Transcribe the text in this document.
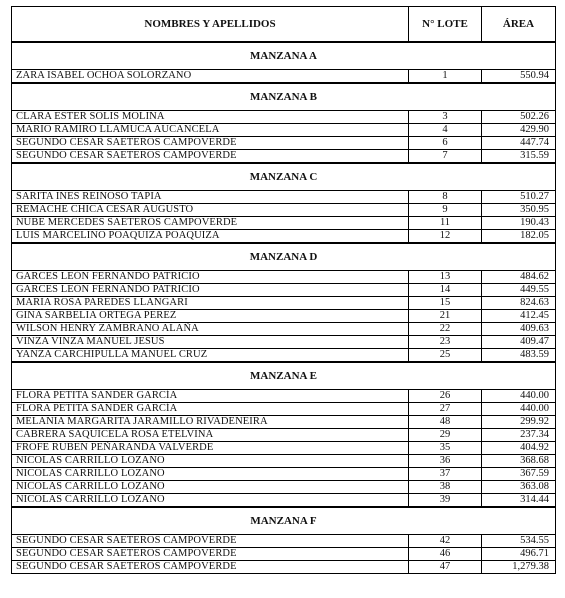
NOMBRES Y APELLIDOS	N° LOTE	ÁREA
MANZANA A		
ZARA ISABEL OCHOA SOLORZANO	1	550.94
MANZANA B		
CLARA ESTER SOLIS MOLINA	3	502.26
MARIO RAMIRO LLAMUCA AUCANCELA	4	429.90
SEGUNDO CESAR SAETEROS CAMPOVERDE	6	447.74
SEGUNDO CESAR SAETEROS CAMPOVERDE	7	315.59
MANZANA C		
SARITA INES REINOSO TAPIA	8	510.27
REMACHE CHICA CESAR AUGUSTO	9	350.95
NUBE MERCEDES SAETEROS CAMPOVERDE	11	190.43
LUIS MARCELINO POAQUIZA POAQUIZA	12	182.05
MANZANA D		
GARCES LEÓN FERNANDO PATRICIO	13	484.62
GARCES LEÓN FERNANDO PATRICIO	14	449.55
MARIA ROSA PAREDES LLANGARI	15	824.63
GINA SARBELIA ORTEGA PEREZ	21	412.45
WILSON HENRY ZAMBRANO ALAÑA	22	409.63
VINZA VINZA MANUEL JESUS	23	409.47
YANZA CARCHIPULLA MANUEL CRUZ	25	483.59
MANZANA E		
FLORA PETITA SANDER GARCÍA	26	440.00
FLORA PETITA SANDER GARCÍA	27	440.00
MELANIA MARGARITA JARAMILLO RIVADENEIRA	48	299.92
CABRERA SAQUICELA ROSA ETELVINA	29	237.34
FROFE RUBEN PEÑARANDA VALVERDE	35	404.92
NICOLAS CARRILLO LOZANO	36	368.68
NICOLAS CARRILLO LOZANO	37	367.59
NICOLAS CARRILLO LOZANO	38	363.08
NICOLAS CARRILLO LOZANO	39	314.44
MANZANA F		
SEGUNDO CESAR SAETEROS CAMPOVERDE	42	534.55
SEGUNDO CESAR SAETEROS CAMPOVERDE	46	496.71
SEGUNDO CESAR SAETEROS CAMPOVERDE	47	1,279.38
